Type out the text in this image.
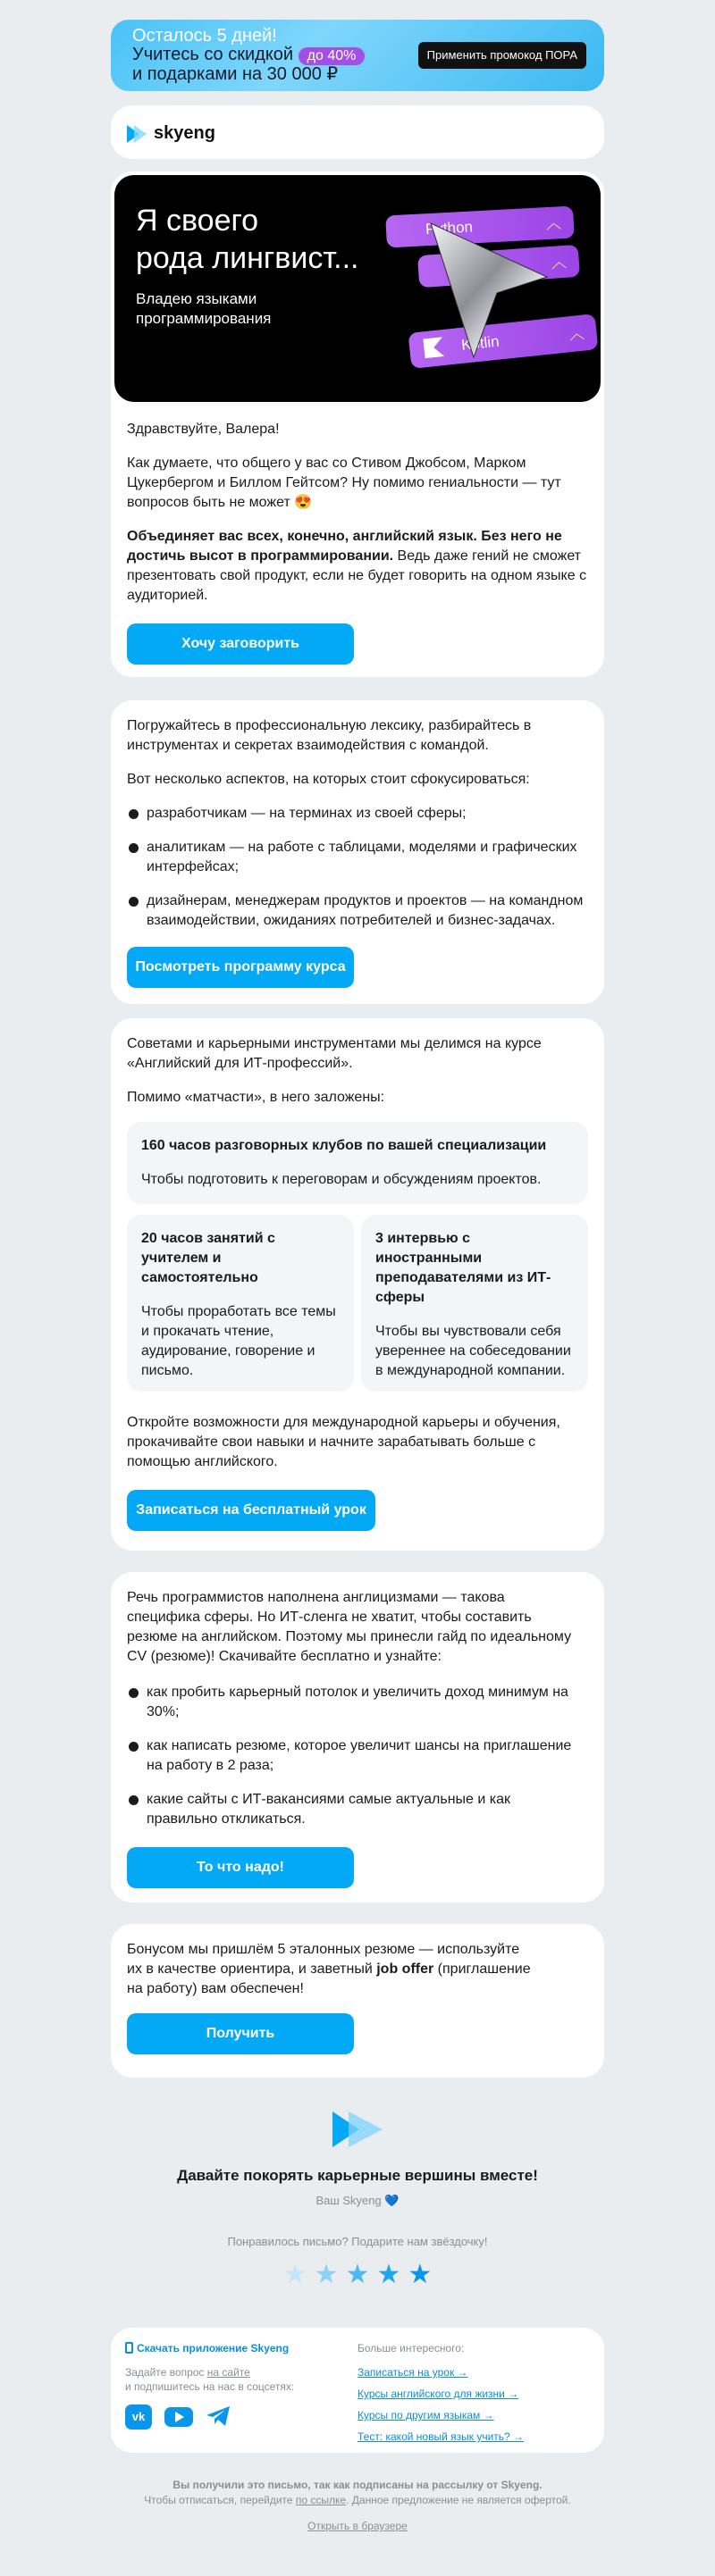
Осталось 5 дней!
Учитесь со скидкой до 40%
и подарками на 30 000 ₽
Применить промокод ПОРА
skyeng
Я своего
рода лингвист...
Владею языками
программирования
Python	︿
︿
Kotlin	︿

Здравствуйте, Валера!

Как думаете, что общего у вас со Стивом Джобсом, Марком Цукербергом и Биллом Гейтсом? Ну помимо гениальности — тут вопросов быть не может 😍

Объединяет вас всех, конечно, английский язык. Без него не достичь высот в программировании. Ведь даже гений не сможет презентовать свой продукт, если не будет говорить на одном языке с аудиторией.

Хочу заговорить

Погружайтесь в профессиональную лексику, разбирайтесь в инструментах и секретах взаимодействия с командой.

Вот несколько аспектов, на которых стоит сфокусироваться:

разработчикам — на терминах из своей сферы;
аналитикам — на работе с таблицами, моделями и графических интерфейсах;
дизайнерам, менеджерам продуктов и проектов — на командном взаимодействии, ожиданиях потребителей и бизнес-задачах.
Посмотреть программу курса

Советами и карьерными инструментами мы делимся на курсе «Английский для ИТ-профессий».

Помимо «матчасти», в него заложены:

160 часов разговорных клубов по вашей специализации

Чтобы подготовить к переговорам и обсуждениям проектов.

20 часов занятий с учителем и самостоятельно

Чтобы проработать все темы и прокачать чтение, аудирование, говорение и письмо.

3 интервью с иностранными преподавателями из ИТ-сферы

Чтобы вы чувствовали себя увереннее на собеседовании в международной компании.

Откройте возможности для международной карьеры и обучения, прокачивайте свои навыки и начните зарабатывать больше с помощью английского.

Записаться на бесплатный урок

Речь программистов наполнена англицизмами — такова специфика сферы. Но ИТ-сленга не хватит, чтобы составить резюме на английском. Поэтому мы принесли гайд по идеальному CV (резюме)! Скачивайте бесплатно и узнайте:

как пробить карьерный потолок и увеличить доход минимум на 30%;
как написать резюме, которое увеличит шансы на приглашение на работу в 2 раза;
какие сайты с ИТ-вакансиями самые актуальные и как правильно откликаться.
То что надо!

Бонусом мы пришлём 5 эталонных резюме — используйте их в качестве ориентира, и заветный job offer (приглашение на работу) вам обеспечен!

Получить

Давайте покорять карьерные вершины вместе!

Ваш Skyeng 💙

Понравилось письмо? Подарите нам звёздочку!

★ ★ ★ ★ ★
Скачать приложение Skyeng

Задайте вопрос на сайте
и подпишитесь на нас в соцсетях:

vk

Больше интересного:

Записаться на урок →
Курсы английского для жизни →
Курсы по другим языкам →
Тест: какой новый язык учить? →

Вы получили это письмо, так как подписаны на рассылку от Skyeng.

Чтобы отписаться, перейдите по ссылке. Данное предложение не является офертой.

Открыть в браузере
